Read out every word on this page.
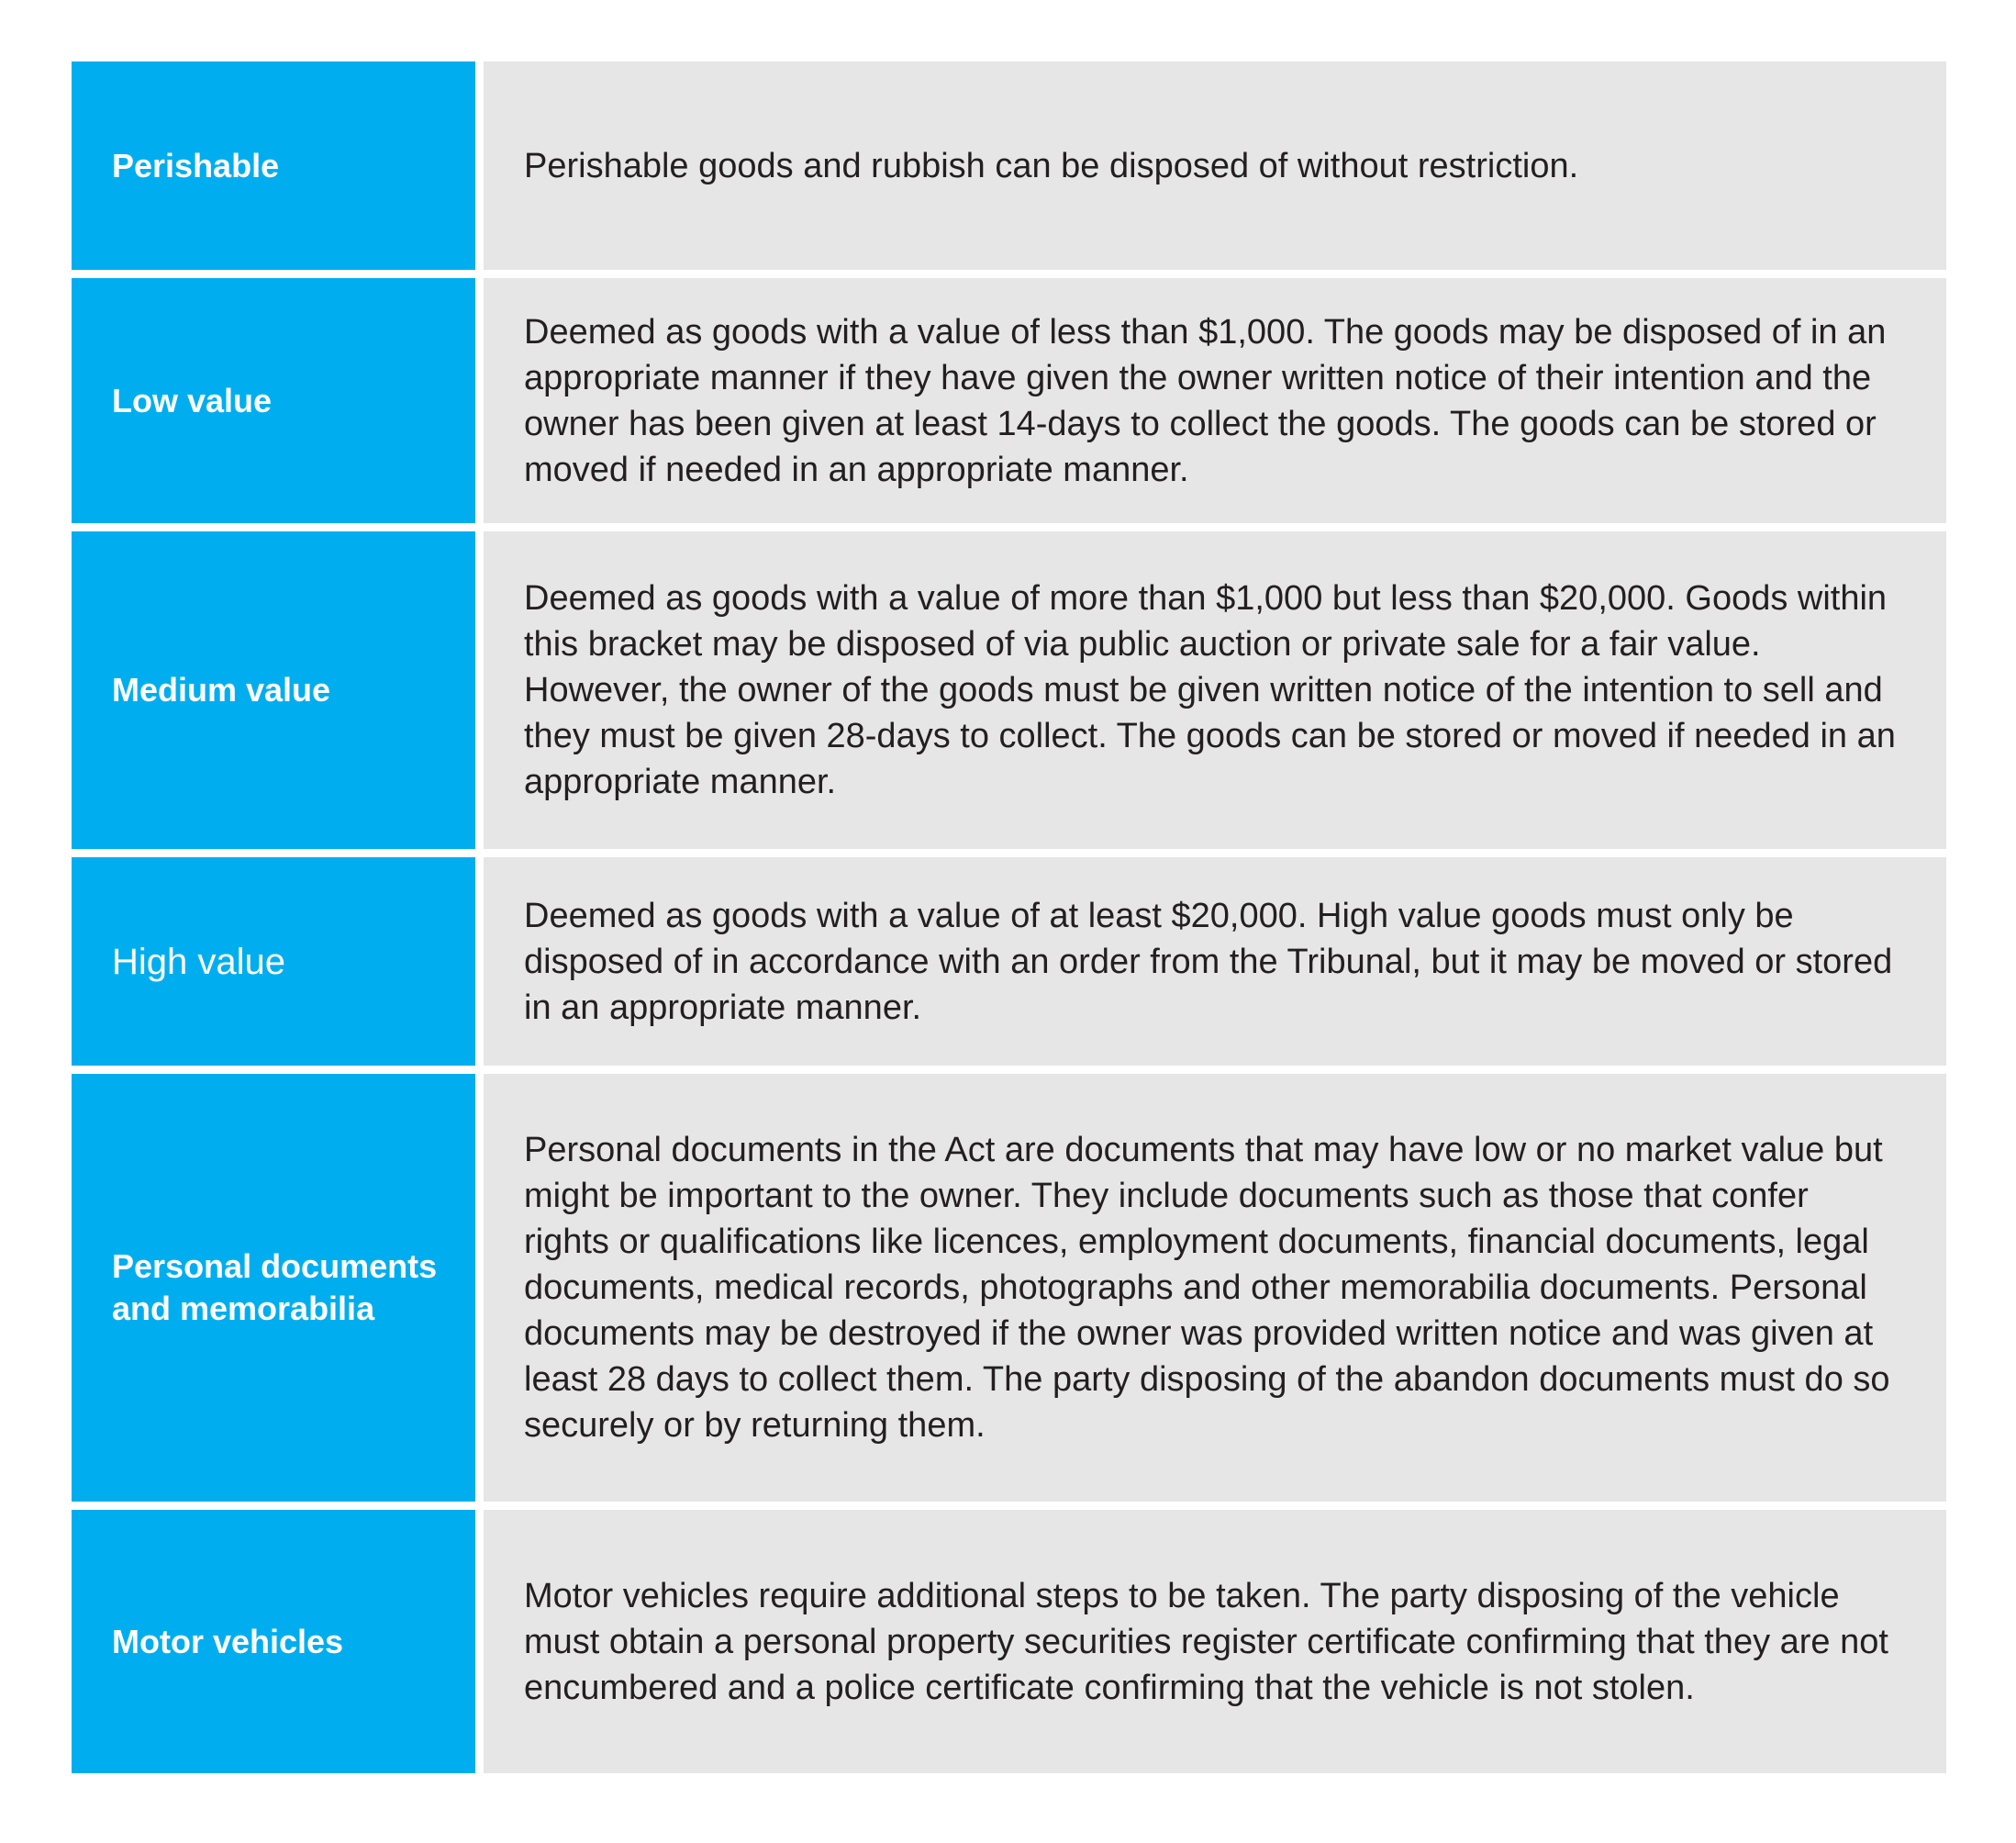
Perishable	Perishable goods and rubbish can be disposed of without restriction.
Low value
Deemed as goods with a value of less than $1,000. The goods may be disposed of in an appropriate manner if they have given the owner written notice of their intention and the owner has been given at least 14-days to collect the goods. The goods can be stored or moved if needed in an appropriate manner.
Medium value
Deemed as goods with a value of more than $1,000 but less than $20,000. Goods within this bracket may be disposed of via public auction or private sale for a fair value. However, the owner of the goods must be given written notice of the intention to sell and they must be given 28-days to collect. The goods can be stored or moved if needed in an appropriate manner.
High value
Deemed as goods with a value of at least $20,000. High value goods must only be disposed of in accordance with an order from the Tribunal, but it may be moved or stored in an appropriate manner.
Personal documents and memorabilia
Personal documents in the Act are documents that may have low or no market value but might be important to the owner. They include documents such as those that confer rights or qualifications like licences, employment documents, financial documents, legal documents, medical records, photographs and other memorabilia documents. Personal documents may be destroyed if the owner was provided written notice and was given at least 28 days to collect them. The party disposing of the abandon documents must do so securely or by returning them.
Motor vehicles
Motor vehicles require additional steps to be taken. The party disposing of the vehicle must obtain a personal property securities register certificate confirming that they are not encumbered and a police certificate confirming that the vehicle is not stolen.
